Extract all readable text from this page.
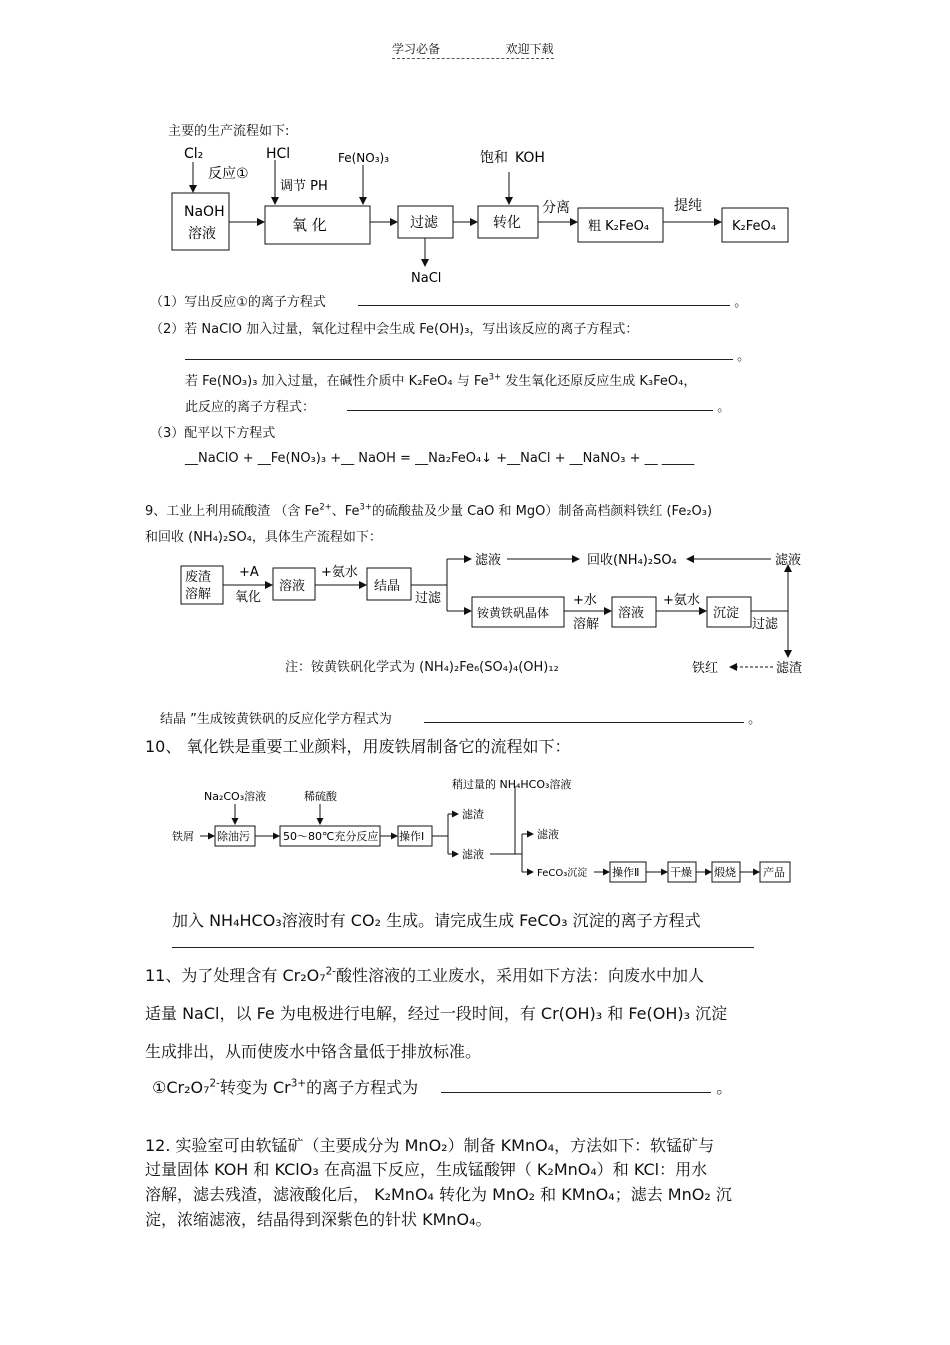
学习必备	欢迎下载
主要的生产流程如下:
Cl₂
反应①
HCl
调节 PH
Fe(NO₃)₃	饱和 KOH
分离	提纯
NaOH
溶液	氧 化	过滤	转化	粗 K₂FeO₄	K₂FeO₄
NaCl
（1）写出反应①的离子方程式	。
（2）若 NaClO 加入过量，氧化过程中会生成 Fe(OH)₃，写出该反应的离子方程式：
。
若 Fe(NO₃)₃ 加入过量，在碱性介质中 K₂FeO₄ 与 $Fe^{3+}$ 发生氧化还原反应生成 K₃FeO₄，
此反应的离子方程式：	。
（3）配平以下方程式
__NaClO + __Fe(NO₃)₃ +__ NaOH = __Na₂FeO₄↓ +__NaCl + __NaNO₃ + __ _____
9、工业上利用硫酸渣 （含 $Fe^{2+}$、$Fe^{3+}$的硫酸盐及少量 CaO 和 MgO）制备高档颜料铁红 (Fe₂O₃)
和回收 (NH₄)₂SO₄，具体生产流程如下：
废渣
溶解
+A
氧化
溶液
+氨水
结晶
过滤
滤液	回收(NH₄)₂SO₄	滤液
铵黄铁矾晶体
+水
溶解
溶液
+氨水
沉淀
过滤
铁红	滤渣
注：铵黄铁矾化学式为 (NH₄)₂Fe₆(SO₄)₄(OH)₁₂
结晶 ”生成铵黄铁矾的反应化学方程式为	。
10、 氧化铁是重要工业颜料，用废铁屑制备它的流程如下：
Na₂CO₃溶液	稀硫酸
稍过量的 NH₄HCO₃溶液
铁屑 除油污	50～80℃充分反应 操作Ⅰ
滤渣
滤液
滤液
FeCO₃沉淀 操作Ⅱ	干燥 煅烧 产品
加入 NH₄HCO₃溶液时有 CO₂ 生成。请完成生成 FeCO₃ 沉淀的离子方程式
11、为了处理含有 Cr₂O₇$^{2-}$酸性溶液的工业废水，采用如下方法：向废水中加人
适量 NaCl，以 Fe 为电极进行电解，经过一段时间，有 Cr(OH)₃ 和 Fe(OH)₃ 沉淀
生成排出，从而使废水中铬含量低于排放标准。
①Cr₂O₇$^{2-}$转变为 $Cr^{3+}$的离子方程式为	。
12. 实验室可由软锰矿（主要成分为 MnO₂）制备 KMnO₄，方法如下：软锰矿与
过量固体 KOH 和 KClO₃ 在高温下反应，生成锰酸钾（ K₂MnO₄）和 KCl：用水
溶解，滤去残渣，滤液酸化后， K₂MnO₄ 转化为 MnO₂ 和 KMnO₄；滤去 MnO₂ 沉
淀，浓缩滤液，结晶得到深紫色的针状 KMnO₄。
